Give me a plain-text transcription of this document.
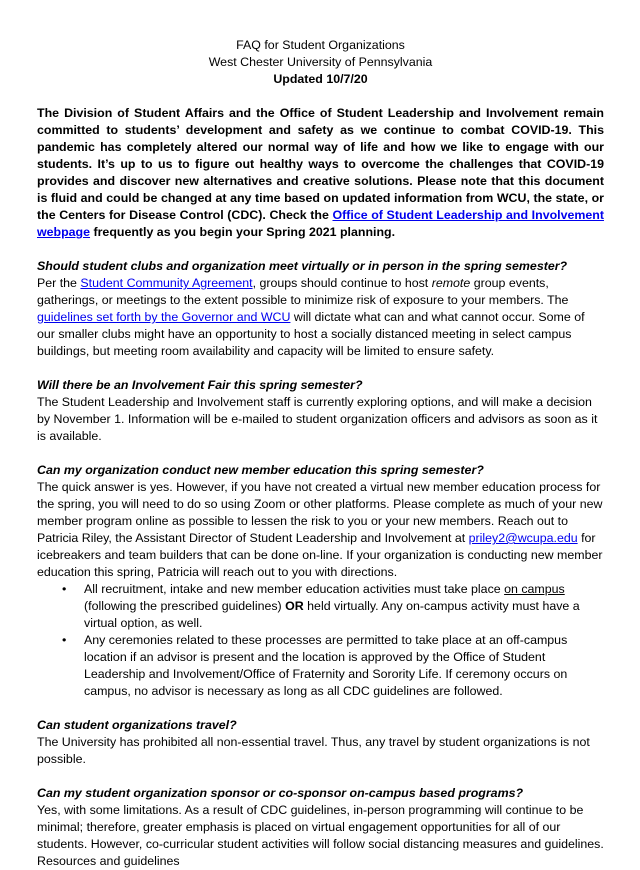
FAQ for Student Organizations
West Chester University of Pennsylvania
Updated 10/7/20

The Division of Student Affairs and the Office of Student Leadership and Involvement remain committed to students’ development and safety as we continue to combat COVID-19. This pandemic has completely altered our normal way of life and how we like to engage with our students. It’s up to us to figure out healthy ways to overcome the challenges that COVID-19 provides and discover new alternatives and creative solutions. Please note that this document is fluid and could be changed at any time based on updated information from WCU, the state, or the Centers for Disease Control (CDC). Check the Office of Student Leadership and Involvement webpage frequently as you begin your Spring 2021 planning.

Should student clubs and organization meet virtually or in person in the spring semester?

Per the Student Community Agreement, groups should continue to host remote group events, gatherings, or meetings to the extent possible to minimize risk of exposure to your members. The guidelines set forth by the Governor and WCU will dictate what can and what cannot occur. Some of our smaller clubs might have an opportunity to host a socially distanced meeting in select campus buildings, but meeting room availability and capacity will be limited to ensure safety.

Will there be an Involvement Fair this spring semester?

The Student Leadership and Involvement staff is currently exploring options, and will make a decision by November 1. Information will be e-mailed to student organization officers and advisors as soon as it is available.

Can my organization conduct new member education this spring semester?

The quick answer is yes. However, if you have not created a virtual new member education process for the spring, you will need to do so using Zoom or other platforms. Please complete as much of your new member program online as possible to lessen the risk to you or your new members. Reach out to Patricia Riley, the Assistant Director of Student Leadership and Involvement at priley2@wcupa.edu for icebreakers and team builders that can be done on-line. If your organization is conducting new member education this spring, Patricia will reach out to you with directions.

• All recruitment, intake and new member education activities must take place on campus (following the prescribed guidelines) OR held virtually. Any on-campus activity must have a virtual option, as well.
• Any ceremonies related to these processes are permitted to take place at an off-campus location if an advisor is present and the location is approved by the Office of Student Leadership and Involvement/Office of Fraternity and Sorority Life. If ceremony occurs on campus, no advisor is necessary as long as all CDC guidelines are followed.

Can student organizations travel?

The University has prohibited all non-essential travel. Thus, any travel by student organizations is not possible.

Can my student organization sponsor or co-sponsor on-campus based programs?

Yes, with some limitations. As a result of CDC guidelines, in-person programming will continue to be minimal; therefore, greater emphasis is placed on virtual engagement opportunities for all of our students. However, co-curricular student activities will follow social distancing measures and guidelines. Resources and guidelines
